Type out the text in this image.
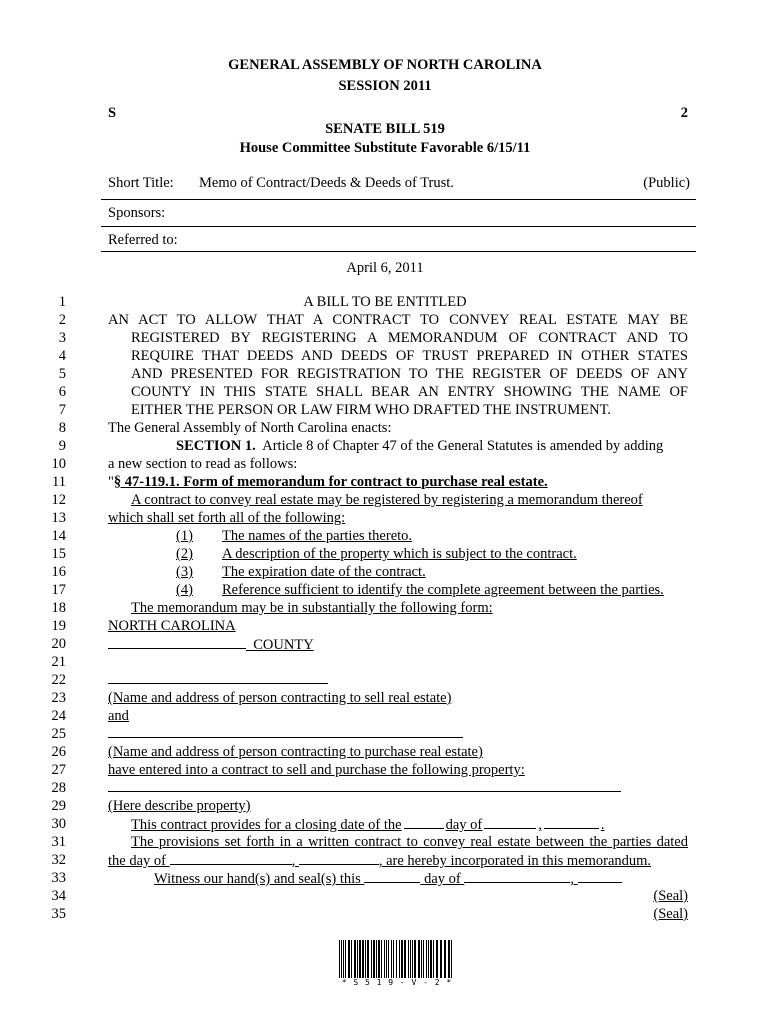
GENERAL ASSEMBLY OF NORTH CAROLINA
SESSION 2011
S	2
SENATE BILL 519
House Committee Substitute Favorable 6/15/11
Short Title: Memo of Contract/Deeds & Deeds of Trust.	(Public)
Sponsors:
Referred to:
April 6, 2011
1
2
3
4
5
6
7
8
9
10
11
12
13
14
15
16
17
18
19
20
21
22
23
24
25
26
27
28
29
30
31
32
33
34
35
A BILL TO BE ENTITLED
AN ACT TO ALLOW THAT A CONTRACT TO CONVEY REAL ESTATE MAY BE
REGISTERED BY REGISTERING A MEMORANDUM OF CONTRACT AND TO
REQUIRE THAT DEEDS AND DEEDS OF TRUST PREPARED IN OTHER STATES
AND PRESENTED FOR REGISTRATION TO THE REGISTER OF DEEDS OF ANY
COUNTY IN THIS STATE SHALL BEAR AN ENTRY SHOWING THE NAME OF
EITHER THE PERSON OR LAW FIRM WHO DRAFTED THE INSTRUMENT.
The General Assembly of North Carolina enacts:
SECTION 1. Article 8 of Chapter 47 of the General Statutes is amended by adding
a new section to read as follows:
"§ 47-119.1. Form of memorandum for contract to purchase real estate.
A contract to convey real estate may be registered by registering a memorandum thereof
which shall set forth all of the following:
(1) The names of the parties thereto.
(2) A description of the property which is subject to the contract.
(3) The expiration date of the contract.
(4) Reference sufficient to identify the complete agreement between the parties.
The memorandum may be in substantially the following form:
NORTH CAROLINA
COUNTY
(Name and address of person contracting to sell real estate)
and
(Name and address of person contracting to purchase real estate)
have entered into a contract to sell and purchase the following property:
(Here describe property)
This contract provides for a closing date of the	day of	,	.
The provisions set forth in a written contract to convey real estate between the parties dated
the day of	,	, are hereby incorporated in this memorandum.
Witness our hand(s) and seal(s) this	day of	,
(Seal)
(Seal)
* S 5 1 9 - V - 2 *
